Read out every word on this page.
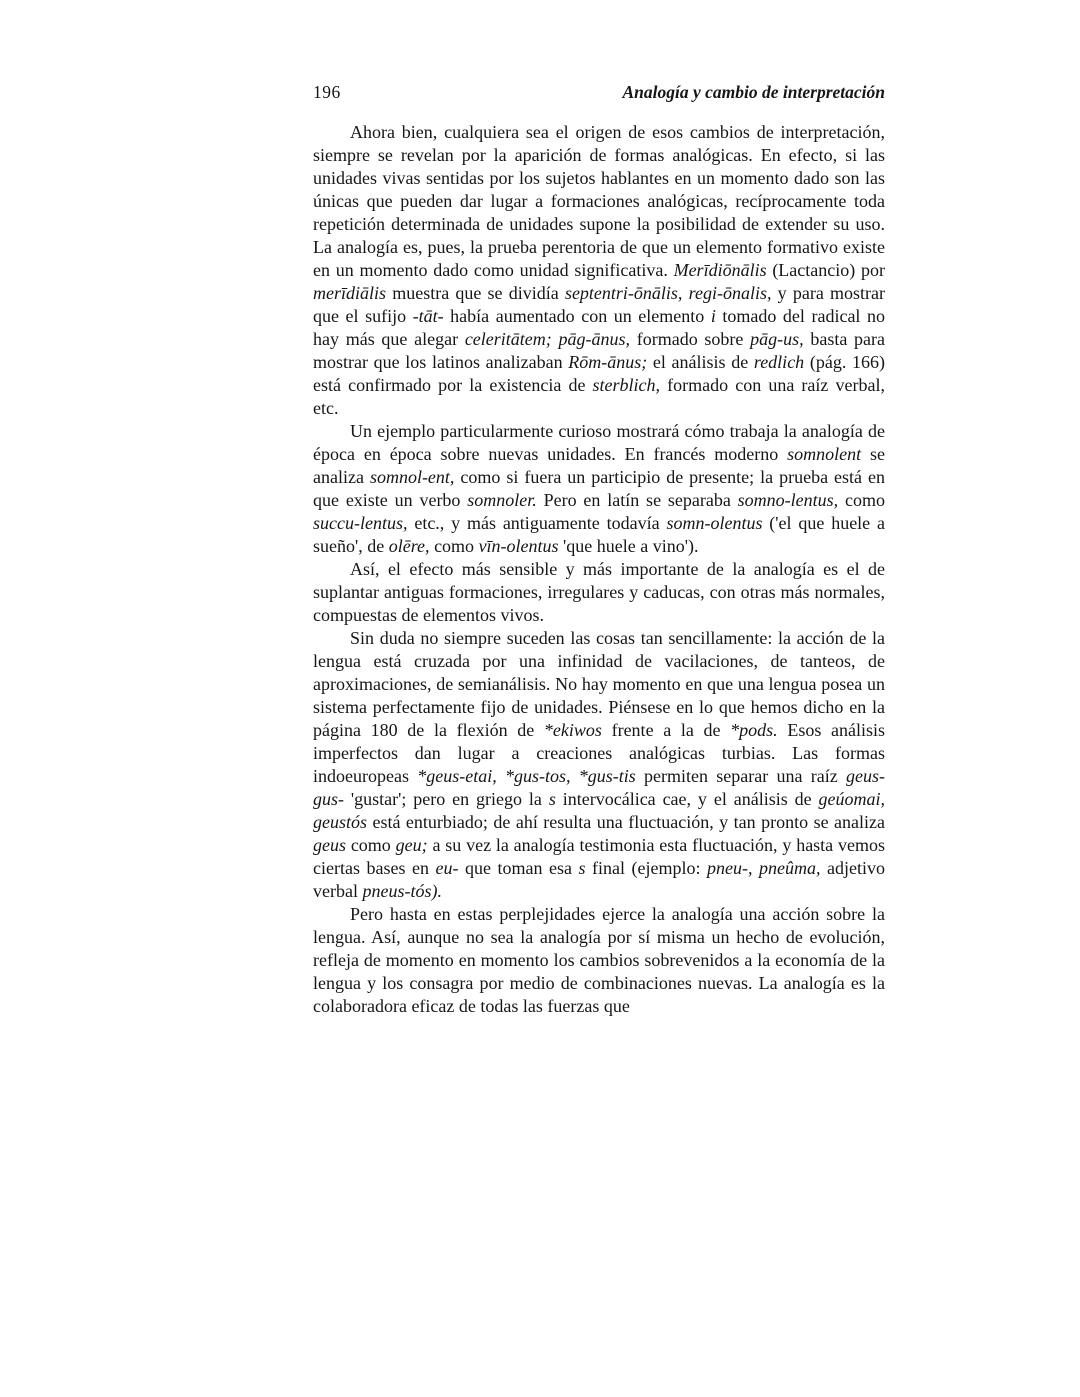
196	Analogía y cambio de interpretación

Ahora bien, cualquiera sea el origen de esos cambios de interpretación, siempre se revelan por la aparición de formas analógicas. En efecto, si las unidades vivas sentidas por los sujetos hablantes en un momento dado son las únicas que pueden dar lugar a formaciones analógicas, recíprocamente toda repetición determinada de unidades supone la posibilidad de extender su uso. La analogía es, pues, la prueba perentoria de que un elemento formativo existe en un momento dado como unidad significativa. Merīdiōnālis (Lactancio) por merīdiālis muestra que se dividía septentri-ōnālis, regi-ōnalis, y para mostrar que el sufijo -tāt- había aumentado con un elemento i tomado del radical no hay más que alegar celeritātem; pāg-ānus, formado sobre pāg-us, basta para mostrar que los latinos analizaban Rōm-ānus; el análisis de redlich (pág. 166) está confirmado por la existencia de sterblich, formado con una raíz verbal, etc.

Un ejemplo particularmente curioso mostrará cómo trabaja la analogía de época en época sobre nuevas unidades. En francés moderno somnolent se analiza somnol-ent, como si fuera un participio de presente; la prueba está en que existe un verbo somnoler. Pero en latín se separaba somno-lentus, como succu-lentus, etc., y más antiguamente todavía somn-olentus ('el que huele a sueño', de olēre, como vīn-olentus 'que huele a vino').

Así, el efecto más sensible y más importante de la analogía es el de suplantar antiguas formaciones, irregulares y caducas, con otras más normales, compuestas de elementos vivos.

Sin duda no siempre suceden las cosas tan sencillamente: la acción de la lengua está cruzada por una infinidad de vacilaciones, de tanteos, de aproximaciones, de semianálisis. No hay momento en que una lengua posea un sistema perfectamente fijo de unidades. Piénsese en lo que hemos dicho en la página 180 de la flexión de *ekiwos frente a la de *pods. Esos análisis imperfectos dan lugar a creaciones analógicas turbias. Las formas indoeuropeas *geus-etai, *gus-tos, *gus-tis permiten separar una raíz geus- gus- 'gustar'; pero en griego la s intervocálica cae, y el análisis de geúomai, geustós está enturbiado; de ahí resulta una fluctuación, y tan pronto se analiza geus como geu; a su vez la analogía testimonia esta fluctuación, y hasta vemos ciertas bases en eu- que toman esa s final (ejemplo: pneu-, pneûma, adjetivo verbal pneus-tós).

Pero hasta en estas perplejidades ejerce la analogía una acción sobre la lengua. Así, aunque no sea la analogía por sí misma un hecho de evolución, refleja de momento en momento los cambios sobrevenidos a la economía de la lengua y los consagra por medio de combinaciones nuevas. La analogía es la colaboradora eficaz de todas las fuerzas que
